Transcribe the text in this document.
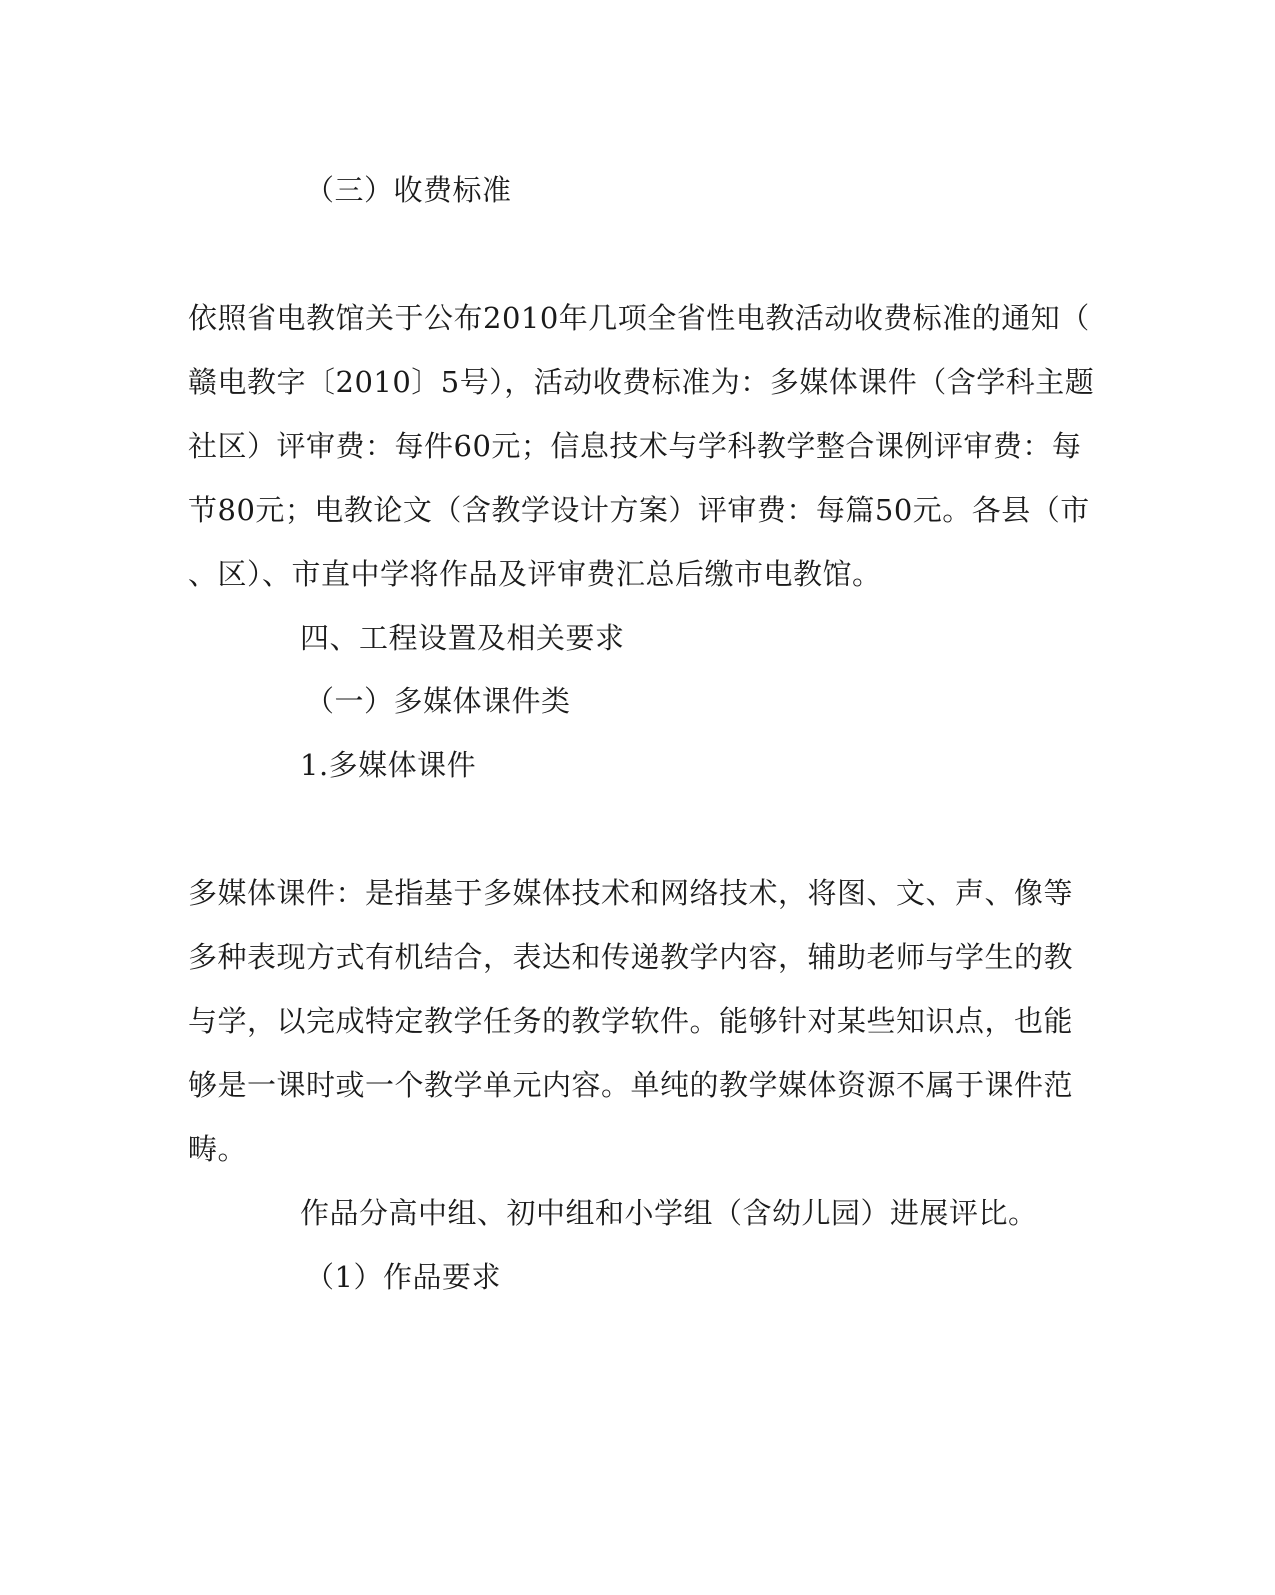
（三）收费标准

依照省电教馆关于公布2010年几项全省性电教活动收费标准的通知（

赣电教字〔2010〕5号），活动收费标准为：多媒体课件（含学科主题

社区）评审费：每件60元；信息技术与学科教学整合课例评审费：每

节80元；电教论文（含教学设计方案）评审费：每篇50元。各县（市

、区）、市直中学将作品及评审费汇总后缴市电教馆。

四、工程设置及相关要求

（一）多媒体课件类

1.多媒体课件

多媒体课件：是指基于多媒体技术和网络技术，将图、文、声、像等

多种表现方式有机结合，表达和传递教学内容，辅助老师与学生的教

与学，以完成特定教学任务的教学软件。能够针对某些知识点，也能

够是一课时或一个教学单元内容。单纯的教学媒体资源不属于课件范

畴。

作品分高中组、初中组和小学组（含幼儿园）进展评比。

（1）作品要求
